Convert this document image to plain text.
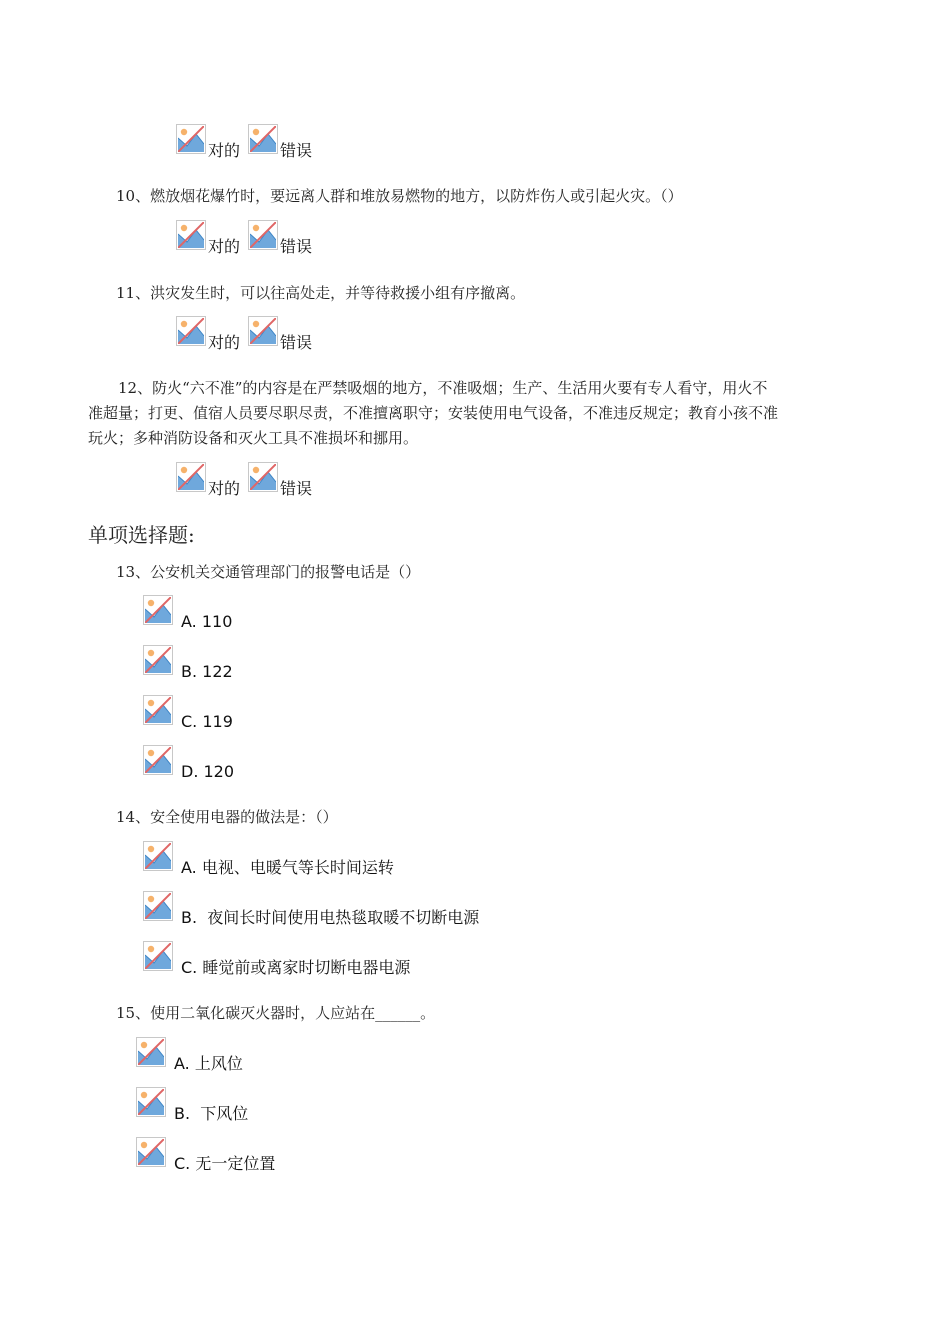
对的 错误
10、燃放烟花爆竹时，要远离人群和堆放易燃物的地方，以防炸伤人或引起火灾。（）
对的 错误
11、洪灾发生时，可以往高处走，并等待救援小组有序撤离。
对的 错误
12、防火“六不准”的内容是在严禁吸烟的地方，不准吸烟；生产、生活用火要有专人看守，用火不
准超量；打更、值宿人员要尽职尽责，不准擅离职守；安装使用电气设备，不准违反规定；教育小孩不准
玩火；多种消防设备和灭火工具不准损坏和挪用。
对的 错误
单项选择题:
13、公安机关交通管理部门的报警电话是（）
A. 110
B. 122
C. 119
D. 120
14、安全使用电器的做法是：（）
A. 电视、电暖气等长时间运转
B.  夜间长时间使用电热毯取暖不切断电源
C. 睡觉前或离家时切断电器电源
15、使用二氧化碳灭火器时，人应站在______。
A. 上风位
B.  下风位
C. 无一定位置
